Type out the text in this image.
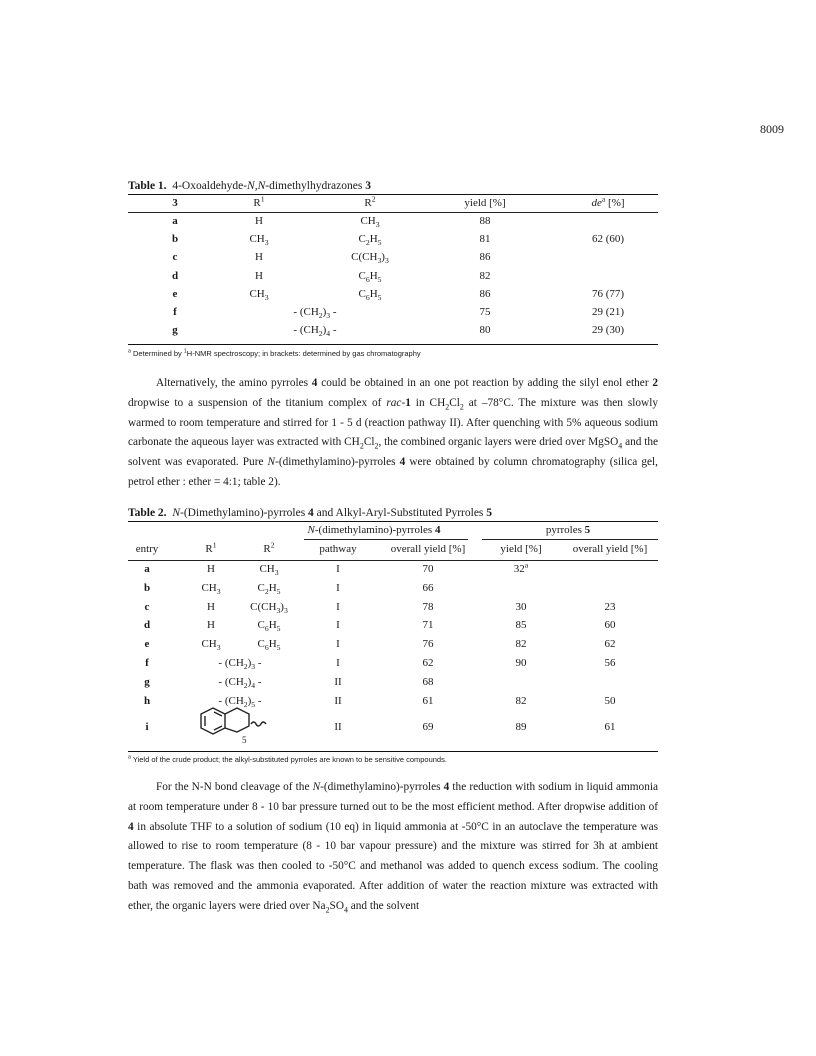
8009
Table 1. 4-Oxoaldehyde-N,N-dimethylhydrazones 3
3	$R^1$	$R^2$	yield [%]	$de^a$ [%]
a	H	$CH_3$	88
b	$CH_3$	$C_2H_5$	81	62 (60)
c	H	$C(CH_3)_3$	86
d	H	$C_6H_5$	82
e	$CH_3$	$C_6H_5$	86	76 (77)
f	- $(CH_2)_3$ -	75	29 (21)
g	- $(CH_2)_4$ -	80	29 (30)
$^a$ Determined by $^1$H-NMR spectroscopy; in brackets: determined by gas chromatography

Alternatively, the amino pyrroles 4 could be obtained in an one pot reaction by adding the silyl enol ether 2 dropwise to a suspension of the titanium complex of rac-1 in $CH_2Cl_2$ at –78°C. The mixture was then slowly warmed to room temperature and stirred for 1 - 5 d (reaction pathway II). After quenching with 5% aqueous sodium carbonate the aqueous layer was extracted with $CH_2Cl_2$, the combined organic layers were dried over MgSO$_4$ and the solvent was evaporated. Pure N-(dimethylamino)-pyrroles 4 were obtained by column chromatography (silica gel, petrol ether : ether = 4:1; table 2).

Table 2. N-(Dimethylamino)-pyrroles 4 and Alkyl-Aryl-Substituted Pyrroles 5
N-(dimethylamino)-pyrroles 4	pyrroles 5
entry	$R^1$	$R^2$	pathway	overall yield [%]	yield [%]	overall yield [%]
a	H	$CH_3$	I	70	32$^a$
b	$CH_3$	$C_2H_5$	I	66
c	H	$C(CH_3)_3$	I	78	30	23
d	H	$C_6H_5$	I	71	85	60
e	$CH_3$	$C_6H_5$	I	76	82	62
f	- $(CH_2)_3$ -	I	62	90	56
g	- $(CH_2)_4$ -	II	68
h	- $(CH_2)_5$ -	II	61	82	50
i	II	69	89	61
5
$^a$ Yield of the crude product; the alkyl-substituted pyrroles are known to be sensitive compounds.

For the N-N bond cleavage of the N-(dimethylamino)-pyrroles 4 the reduction with sodium in liquid ammonia at room temperature under 8 - 10 bar pressure turned out to be the most efficient method. After dropwise addition of 4 in absolute THF to a solution of sodium (10 eq) in liquid ammonia at -50°C in an autoclave the temperature was allowed to rise to room temperature (8 - 10 bar vapour pressure) and the mixture was stirred for 3h at ambient temperature. The flask was then cooled to -50°C and methanol was added to quench excess sodium. The cooling bath was removed and the ammonia evaporated. After addition of water the reaction mixture was extracted with ether, the organic layers were dried over $Na_2SO_4$ and the solvent
